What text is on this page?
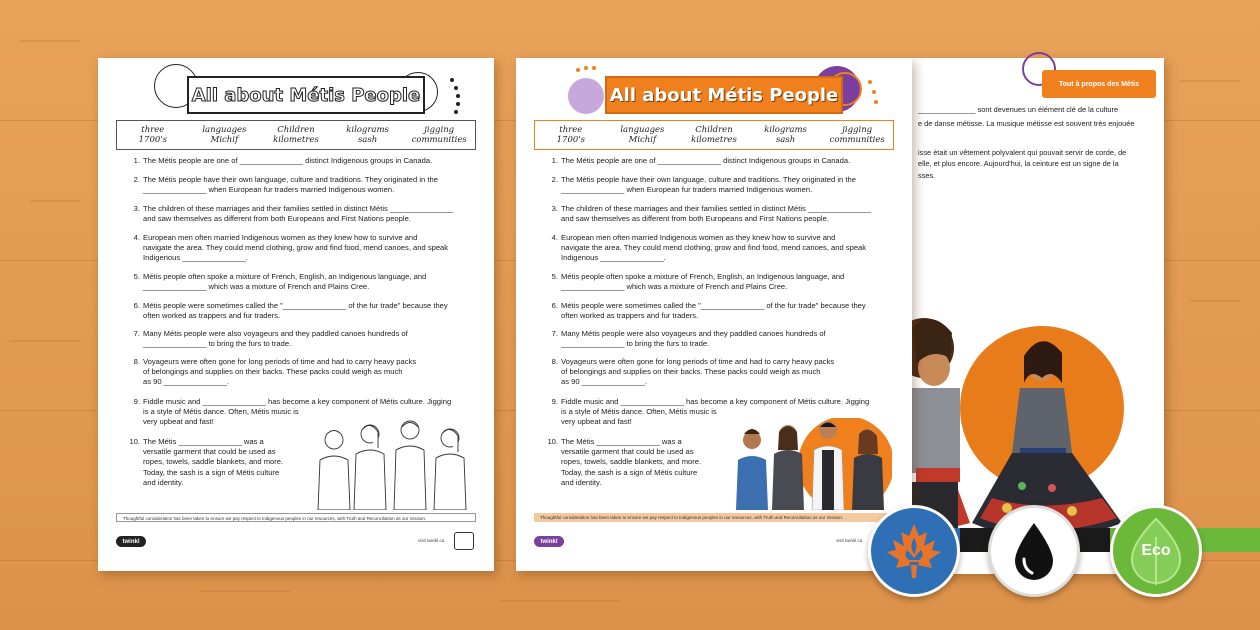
Tout à propos des Métis
______________ sont devenues un élément clé de la culture
e de danse métisse. La musique métisse est souvent très enjouée
isse était un vêtement polyvalent qui pouvait servir de corde, de
elle, et plus encore. Aujourd'hui, la ceinture est un signe de la
sses.
All about Métis People
three
1700's
languages
Michif
Children
kilometres
kilograms
sash
jigging
communities
1. The Métis people are one of _______________ distinct Indigenous groups in Canada.
2. The Métis people have their own language, culture and traditions. They originated in the
_______________ when European fur traders married Indigenous women.
3. The children of these marriages and their families settled in distinct Métis _______________
and saw themselves as different from both Europeans and First Nations people.
4. European men often married Indigenous women as they knew how to survive and
navigate the area. They could mend clothing, grow and find food, mend canoes, and speak
Indigenous _______________.
5. Métis people often spoke a mixture of French, English, an Indigenous language, and
_______________ which was a mixture of French and Plains Cree.
6. Métis people were sometimes called the "_______________ of the fur trade" because they
often worked as trappers and fur traders.
7. Many Métis people were also voyageurs and they paddled canoes hundreds of
_______________ to bring the furs to trade.
8. Voyageurs were often gone for long periods of time and had to carry heavy packs
of belongings and supplies on their backs. These packs could weigh as much
as 90 _______________.
9. Fiddle music and _______________ has become a key component of Métis culture. Jigging
is a style of Métis dance. Often, Métis music is
very upbeat and fast!
10. The Métis _______________ was a
versatile garment that could be used as
ropes, towels, saddle blankets, and more.
Today, the sash is a sign of Métis culture
and identity.
Thoughtful consideration has been taken to ensure we pay respect to Indigenous peoples in our resources, with Truth and Reconciliation as our mission.
twinkl	visit twinkl.ca
All about Métis People
three
1700's
languages
Michif
Children
kilometres
kilograms
sash
jigging
communities
1. The Métis people are one of _______________ distinct Indigenous groups in Canada.
2. The Métis people have their own language, culture and traditions. They originated in the
_______________ when European fur traders married Indigenous women.
3. The children of these marriages and their families settled in distinct Métis _______________
and saw themselves as different from both Europeans and First Nations people.
4. European men often married Indigenous women as they knew how to survive and
navigate the area. They could mend clothing, grow and find food, mend canoes, and speak
Indigenous _______________.
5. Métis people often spoke a mixture of French, English, an Indigenous language, and
_______________ which was a mixture of French and Plains Cree.
6. Métis people were sometimes called the "_______________ of the fur trade" because they
often worked as trappers and fur traders.
7. Many Métis people were also voyageurs and they paddled canoes hundreds of
_______________ to bring the furs to trade.
8. Voyageurs were often gone for long periods of time and had to carry heavy packs
of belongings and supplies on their backs. These packs could weigh as much
as 90 _______________.
9. Fiddle music and _______________ has become a key component of Métis culture. Jigging
is a style of Métis dance. Often, Métis music is
very upbeat and fast!
10. The Métis _______________ was a
versatile garment that could be used as
ropes, towels, saddle blankets, and more.
Today, the sash is a sign of Métis culture
and identity.
Thoughtful consideration has been taken to ensure we pay respect to Indigenous peoples in our resources, with Truth and Reconciliation as our mission.
twinkl	visit twinkl.ca
Eco
